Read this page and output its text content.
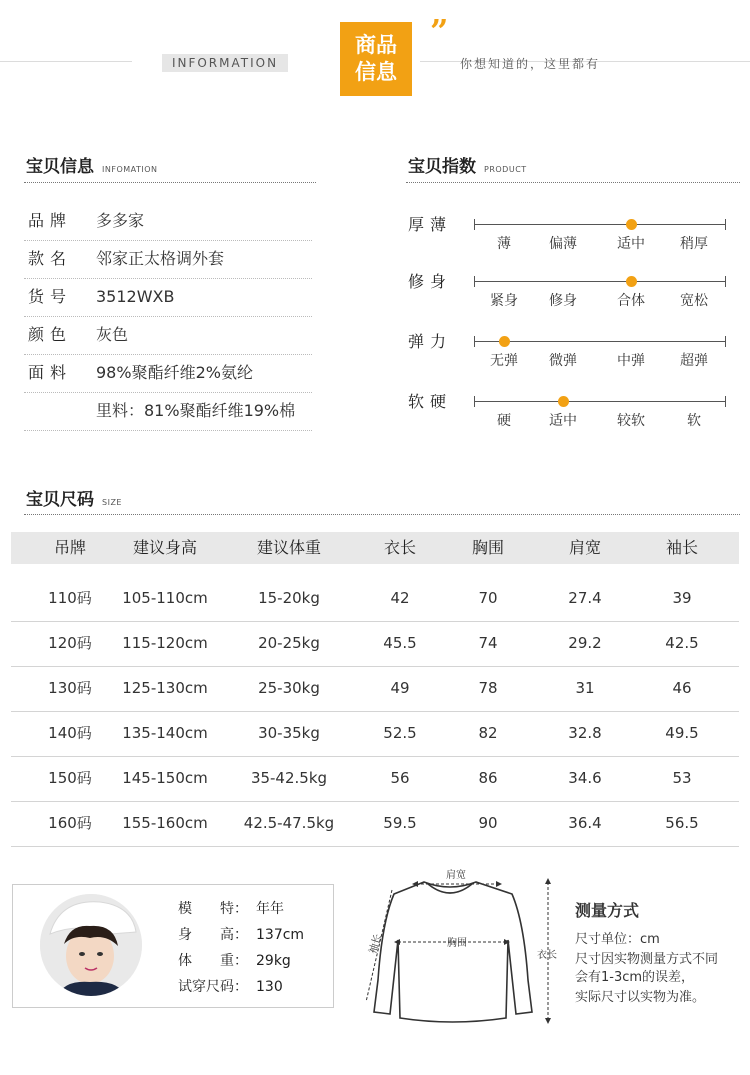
INFORMATION
商品
信息
”
你想知道的，这里都有
宝贝信息 INFOMATION	宝贝指数 PRODUCT
品牌 多多家
款名 邻家正太格调外套
货号 3512WXB
颜色 灰色
面料 98%聚酯纤维2%氨纶
里料：81%聚酯纤维19%棉
厚薄
薄	偏薄	适中	稍厚
修身
紧身	修身	合体	宽松
弹力
无弹	微弹	中弹	超弹
软硬
硬	适中	较软	软
宝贝尺码 SIZE
吊牌	建议身高	建议体重	衣长	胸围	肩宽	袖长
110码	105-110cm	15-20kg	42	70	27.4	39
120码	115-120cm	20-25kg	45.5	74	29.2	42.5
130码	125-130cm	25-30kg	49	78	31	46
140码	135-140cm	30-35kg	52.5	82	32.8	49.5
150码	145-150cm	35-42.5kg	56	86	34.6	53
160码	155-160cm	42.5-47.5kg	59.5	90	36.4	56.5
模　　特： 年年
身　　高： 137cm
体　　重： 29kg
试穿尺码： 130
肩宽
胸围
袖长
衣长
测量方式
尺寸单位：cm
尺寸因实物测量方式不同
会有1-3cm的误差，
实际尺寸以实物为准。
